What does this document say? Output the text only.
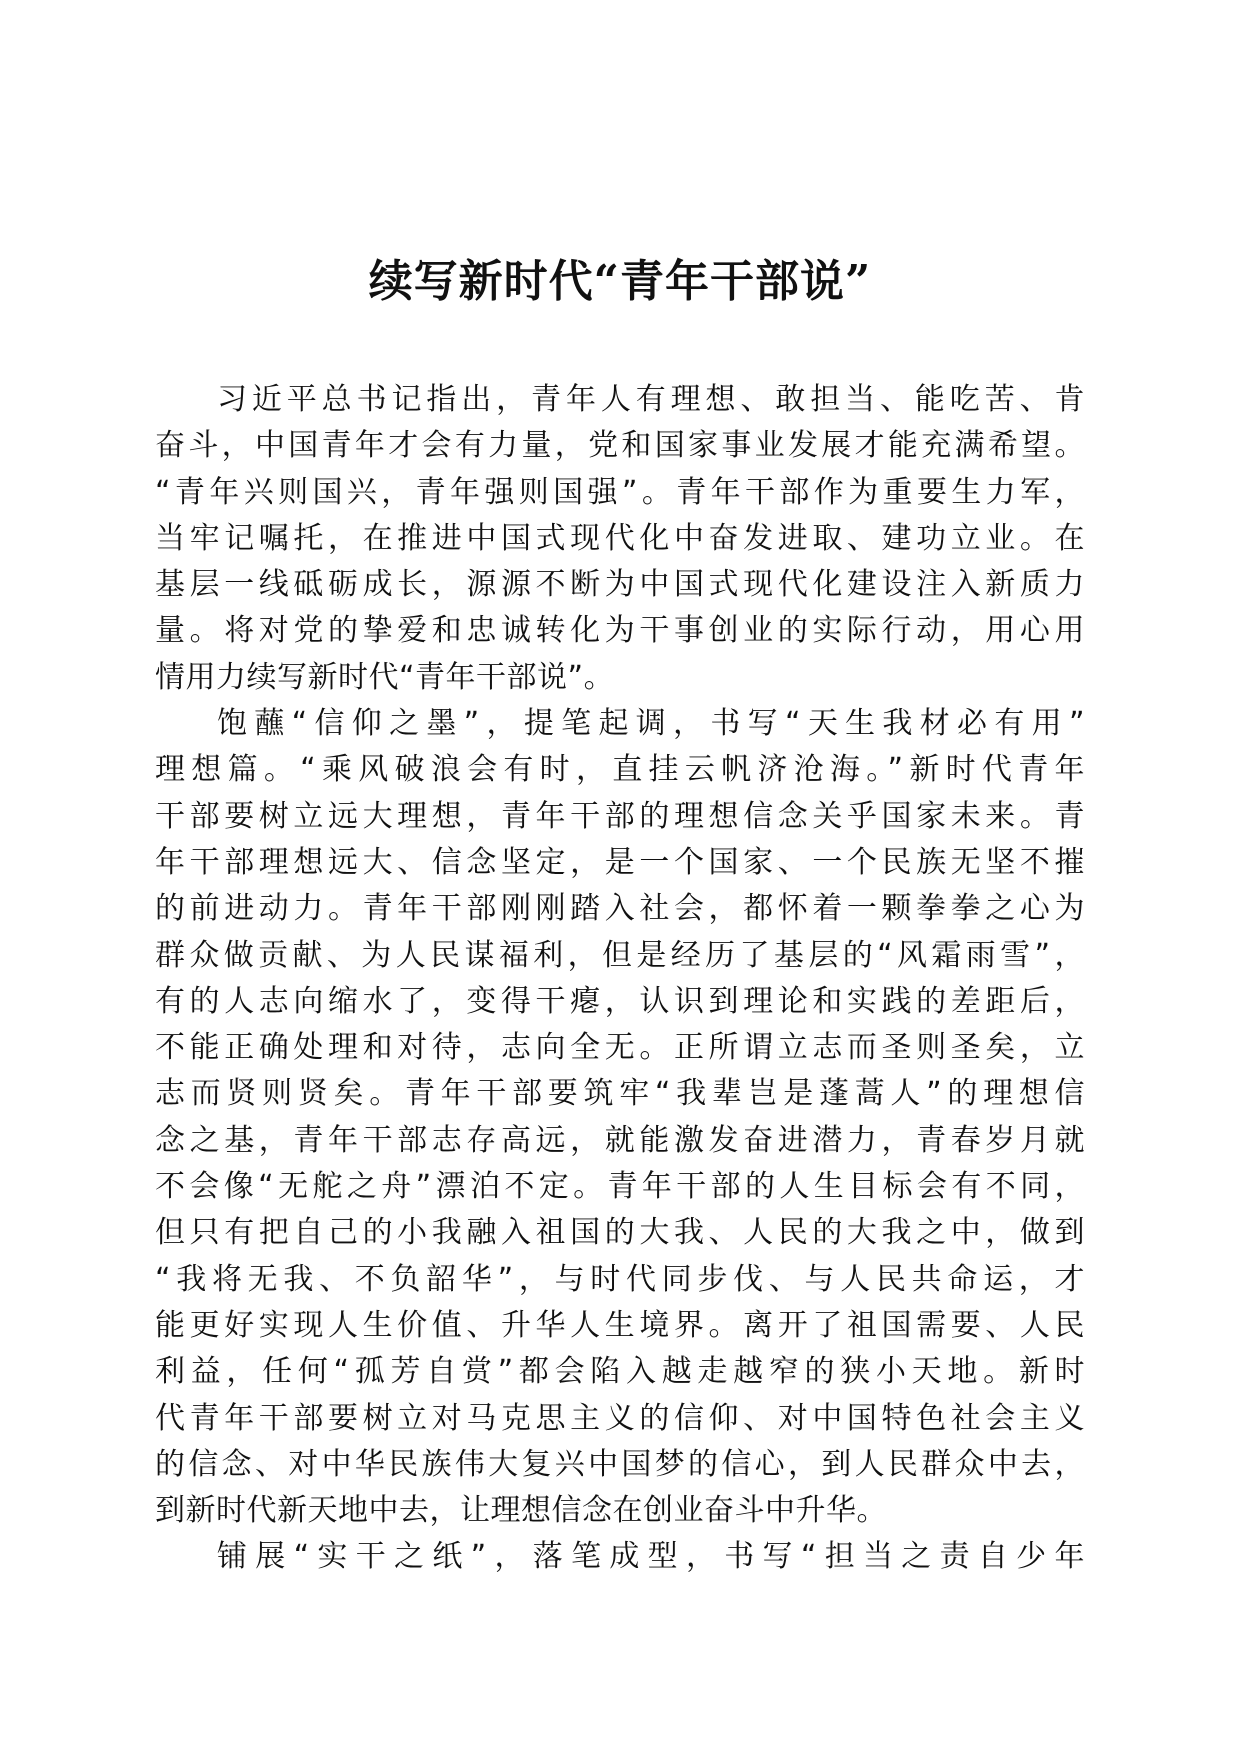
续写新时代“青年干部说”
习近平总书记指出，青年人有理想、敢担当、能吃苦、肯
奋斗，中国青年才会有力量，党和国家事业发展才能充满希望。
“青年兴则国兴，青年强则国强”。青年干部作为重要生力军，
当牢记嘱托，在推进中国式现代化中奋发进取、建功立业。在
基层一线砥砺成长，源源不断为中国式现代化建设注入新质力
量。将对党的挚爱和忠诚转化为干事创业的实际行动，用心用
情用力续写新时代“青年干部说”。
饱蘸“信仰之墨”，提笔起调，书写“天生我材必有用”
理想篇。“乘风破浪会有时，直挂云帆济沧海。”新时代青年
干部要树立远大理想，青年干部的理想信念关乎国家未来。青
年干部理想远大、信念坚定，是一个国家、一个民族无坚不摧
的前进动力。青年干部刚刚踏入社会，都怀着一颗拳拳之心为
群众做贡献、为人民谋福利，但是经历了基层的“风霜雨雪”，
有的人志向缩水了，变得干瘪，认识到理论和实践的差距后，
不能正确处理和对待，志向全无。正所谓立志而圣则圣矣，立
志而贤则贤矣。青年干部要筑牢“我辈岂是蓬蒿人”的理想信
念之基，青年干部志存高远，就能激发奋进潜力，青春岁月就
不会像“无舵之舟”漂泊不定。青年干部的人生目标会有不同，
但只有把自己的小我融入祖国的大我、人民的大我之中，做到
“我将无我、不负韶华”，与时代同步伐、与人民共命运，才
能更好实现人生价值、升华人生境界。离开了祖国需要、人民
利益，任何“孤芳自赏”都会陷入越走越窄的狭小天地。新时
代青年干部要树立对马克思主义的信仰、对中国特色社会主义
的信念、对中华民族伟大复兴中国梦的信心，到人民群众中去，
到新时代新天地中去，让理想信念在创业奋斗中升华。
铺展“实干之纸”，落笔成型，书写“担当之责自少年
